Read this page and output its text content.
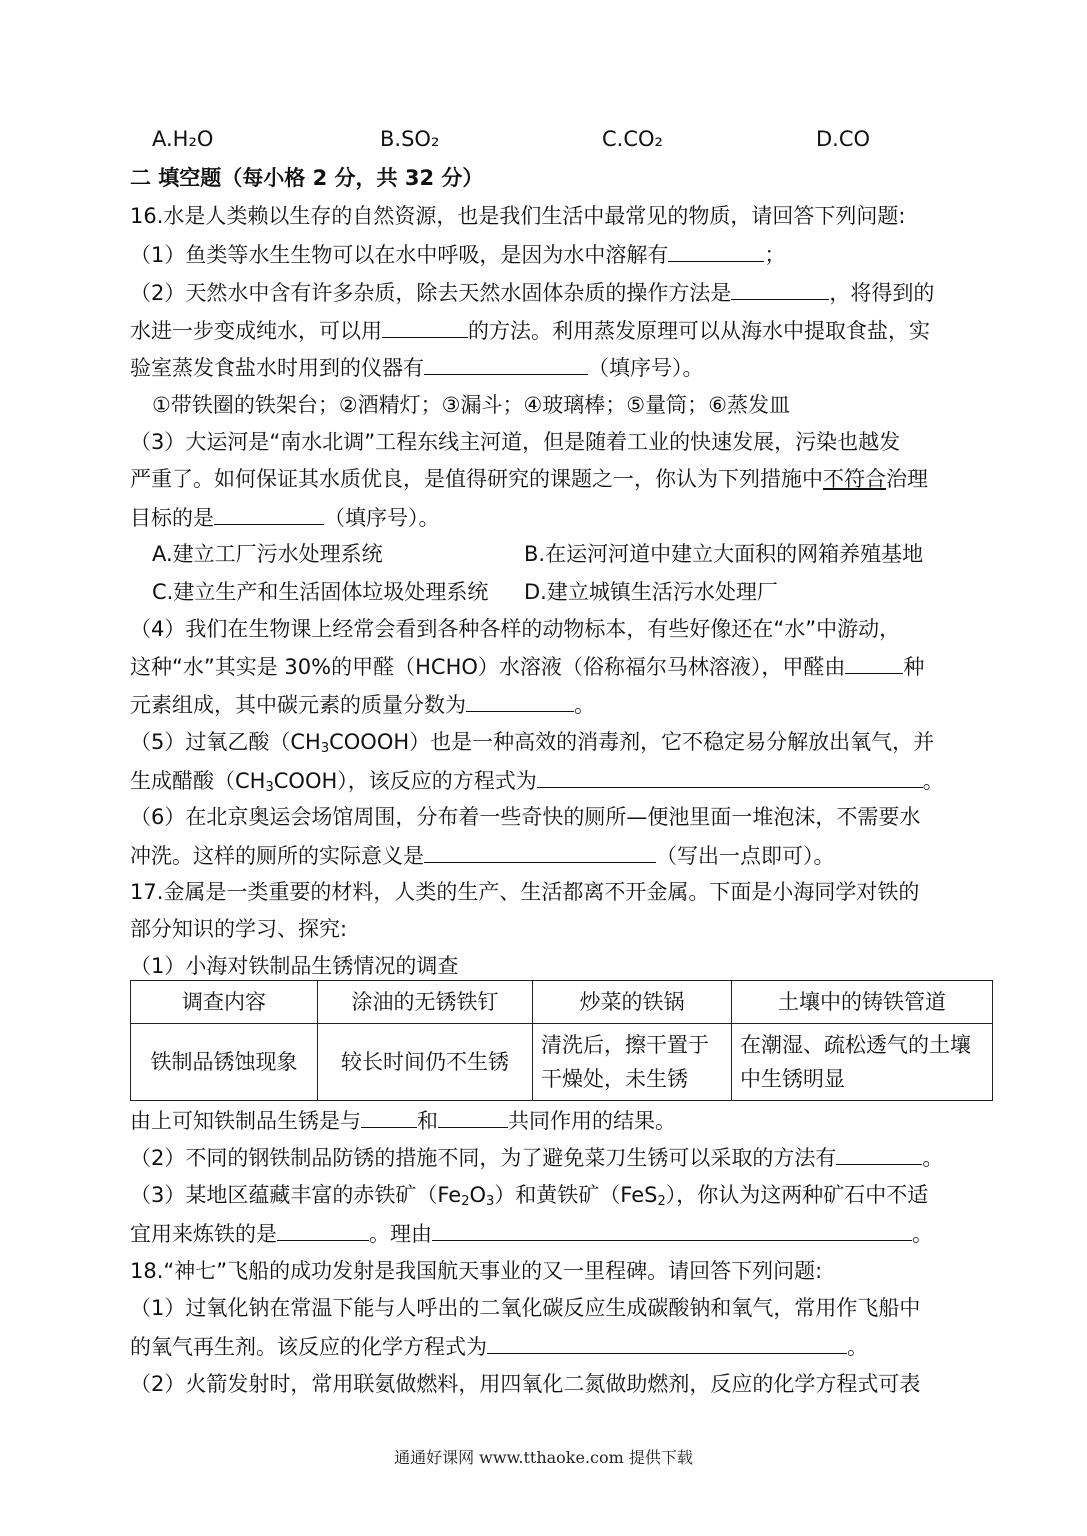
A.H₂O	B.SO₂	C.CO₂	D.CO
二 填空题（每小格 2 分，共 32 分）
16.水是人类赖以生存的自然资源，也是我们生活中最常见的物质，请回答下列问题:
（1）鱼类等水生生物可以在水中呼吸，是因为水中溶解有	；
（2）天然水中含有许多杂质，除去天然水固体杂质的操作方法是	，将得到的
水进一步变成纯水，可以用	的方法。利用蒸发原理可以从海水中提取食盐，实
验室蒸发食盐水时用到的仪器有	（填序号）。
①带铁圈的铁架台；②酒精灯；③漏斗；④玻璃棒；⑤量筒；⑥蒸发皿
（3）大运河是“南水北调”工程东线主河道，但是随着工业的快速发展，污染也越发
严重了。如何保证其水质优良，是值得研究的课题之一，你认为下列措施中不符合治理
目标的是	（填序号）。
A.建立工厂污水处理系统	B.在运河河道中建立大面积的网箱养殖基地
C.建立生产和生活固体垃圾处理系统 D.建立城镇生活污水处理厂
（4）我们在生物课上经常会看到各种各样的动物标本，有些好像还在“水”中游动，
这种“水”其实是 30%的甲醛（HCHO）水溶液（俗称福尔马林溶液），甲醛由	种
元素组成，其中碳元素的质量分数为	。
（5）过氧乙酸$(CH_3COOOH)$也是一种高效的消毒剂，它不稳定易分解放出氧气，并
生成醋酸$(CH_3COOH)$，该反应的方程式为	。
（6）在北京奥运会场馆周围，分布着一些奇快的厕所—便池里面一堆泡沫，不需要水
冲洗。这样的厕所的实际意义是	（写出一点即可）。
17.金属是一类重要的材料，人类的生产、生活都离不开金属。下面是小海同学对铁的
部分知识的学习、探究:
（1）小海对铁制品生锈情况的调查
调查内容	涂油的无锈铁钉	炒菜的铁锅	土壤中的铸铁管道
铁制品锈蚀现象	较长时间仍不生锈	清洗后，擦干置于干燥处，未生锈	在潮湿、疏松透气的土壤中生锈明显
由上可知铁制品生锈是与	和	共同作用的结果。
（2）不同的钢铁制品防锈的措施不同，为了避免菜刀生锈可以采取的方法有	。
（3）某地区蕴藏丰富的赤铁矿$(Fe_2O_3)$和黄铁矿（FeS$_2$），你认为这两种矿石中不适
宜用来炼铁的是	。理由	。
18.“神七”飞船的成功发射是我国航天事业的又一里程碑。请回答下列问题:
（1）过氧化钠在常温下能与人呼出的二氧化碳反应生成碳酸钠和氧气，常用作飞船中
的氧气再生剂。该反应的化学方程式为	。
（2）火箭发射时，常用联氨做燃料，用四氧化二氮做助燃剂，反应的化学方程式可表
通通好课网 www.tthaoke.com 提供下载
